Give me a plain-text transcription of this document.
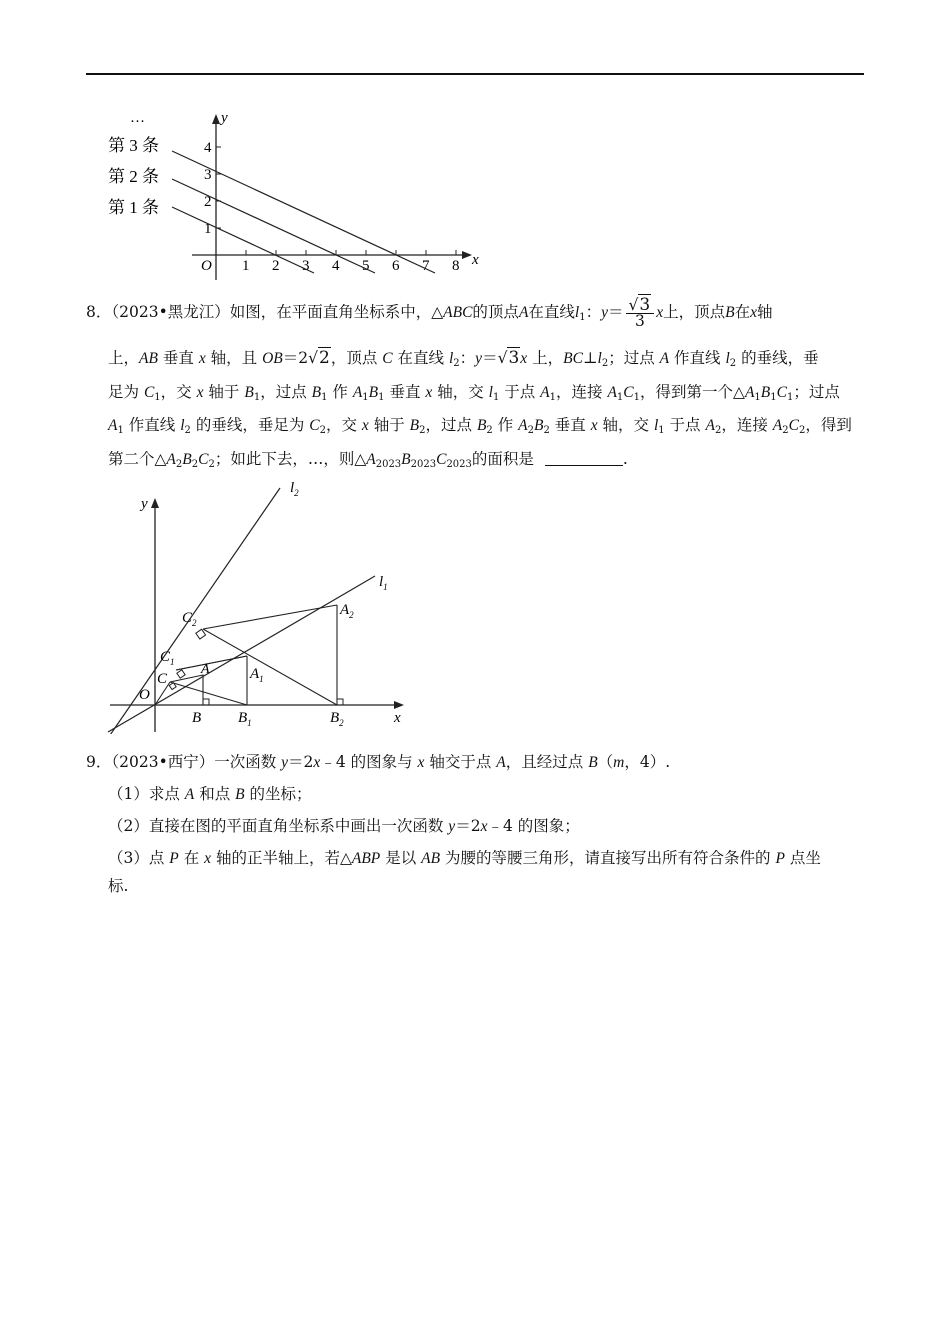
…
第 3 条
第 2 条
第 1 条
y
x
O
4
3
2
1
1 2 3 4 5 6 7 8
8．（2023•黑龙江）如图，在平面直角坐标系中，△ABC的顶点A在直线$l_1$：$y= \frac{√3}{3}$ x上，顶点B在x轴
上，AB 垂直 x 轴，且 OB＝2√2，顶点 C 在直线 $l_2$：y＝√3x 上，$BC\perp l_2$；过点 A 作直线 $l_2$ 的垂线，垂
足为 $C_1$，交 x 轴于 $B_1$，过点 $B_1$ 作 $A_1B_1$ 垂直 x 轴，交 $l_1$ 于点 $A_1$，连接 $A_1C_1$，得到第一个$\triangle A_1B_1C_1$；过点
$A_1$ 作直线 $l_2$ 的垂线，垂足为 $C_2$，交 x 轴于 $B_2$，过点 $B_2$ 作 $A_2B_2$ 垂直 x 轴，交 $l_1$ 于点 $A_2$，连接 $A_2C_2$，得到
第二个$\triangle A_2B_2C_2$；如此下去，…，则$\triangle A_{2023}B_{2023}C_{2023}$的面积是	.
$l_2$
$l_1$
y
x
O
A
B
C	$A_1$
$B_1$
$C_1$
$A_2$
$B_2$
$C_2$
9．（2023•西宁）一次函数 y＝2x﹣4 的图象与 x 轴交于点 A，且经过点 B（m，4）.
（1）求点 A 和点 B 的坐标；
（2）直接在图的平面直角坐标系中画出一次函数 y＝2x﹣4 的图象；
（3）点 P 在 x 轴的正半轴上，若△ABP 是以 AB 为腰的等腰三角形，请直接写出所有符合条件的 P 点坐
标.
